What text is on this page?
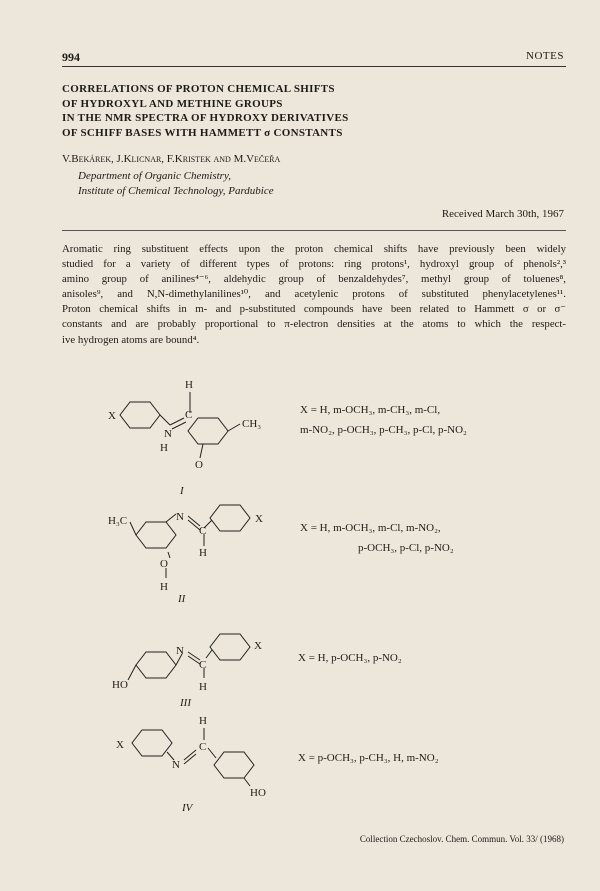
994	NOTES
CORRELATIONS OF PROTON CHEMICAL SHIFTS
OF HYDROXYL AND METHINE GROUPS
IN THE NMR SPECTRA OF HYDROXY DERIVATIVES
OF SCHIFF BASES WITH HAMMETT σ CONSTANTS
V.Bekárek, J.Klicnar, F.Kristek and M.Večeřa
Department of Organic Chemistry,
Institute of Chemical Technology, Pardubice
Received March 30th, 1967
Aromatic ring substituent effects upon the proton chemical shifts have previously been widely
studied for a variety of different types of protons: ring protons¹, hydroxyl group of phenols²,³
amino group of anilines⁴⁻⁶, aldehydic group of benzaldehydes⁷, methyl group of toluenes⁸,
anisoles⁹, and N,N-dimethylanilines¹⁰, and acetylenic protons of substituted phenylacetylenes¹¹.
Proton chemical shifts in m- and p-substituted compounds have been related to Hammett σ or σ⁻
constants and are probably proportional to π-electron densities at the atoms to which the respect-
ive hydrogen atoms are bound⁴.
X
N
H
C
H
O
CH₃
I
X = H, m-OCH₃, m-CH₃, m-Cl,
m-NO₂, p-OCH₃, p-CH₃, p-Cl, p-NO₂
H₃C	N
C
H
O
H
X
II
X = H, m-OCH₃, m-Cl, m-NO₂,
p-OCH₃, p-Cl, p-NO₂
X
N
C
H
HO
III
X = H, p-OCH₃, p-NO₂
X
N
C
H
HO
IV
X = p-OCH₃, p-CH₃, H, m-NO₂
Collection Czechoslov. Chem. Commun. Vol. 33/ (1968)
